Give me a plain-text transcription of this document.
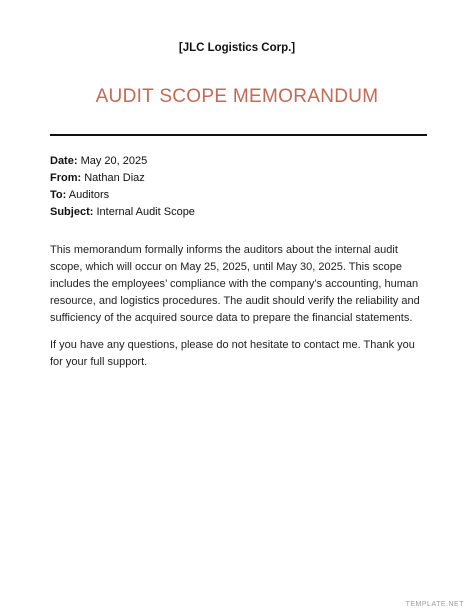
[JLC Logistics Corp.]
AUDIT SCOPE MEMORANDUM
Date: May 20, 2025
From: Nathan Diaz
To: Auditors
Subject: Internal Audit Scope
This memorandum formally informs the auditors about the internal audit scope, which will occur on May 25, 2025, until May 30, 2025. This scope includes the employees’ compliance with the company’s accounting, human resource, and logistics procedures. The audit should verify the reliability and sufficiency of the acquired source data to prepare the financial statements.
If you have any questions, please do not hesitate to contact me. Thank you for your full support.
TEMPLATE.NET
